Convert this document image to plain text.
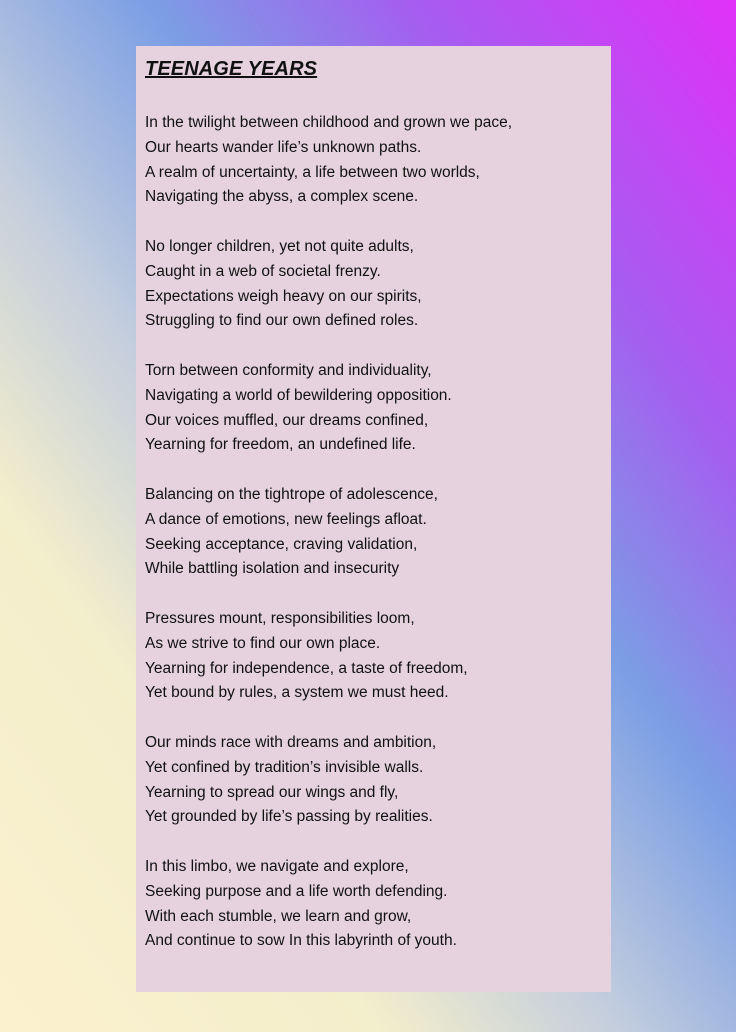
TEENAGE YEARS
In the twilight between childhood and grown we pace,
Our hearts wander life’s unknown paths.
A realm of uncertainty, a life between two worlds,
Navigating the abyss, a complex scene.
No longer children, yet not quite adults,
Caught in a web of societal frenzy.
Expectations weigh heavy on our spirits,
Struggling to find our own defined roles.
Torn between conformity and individuality,
Navigating a world of bewildering opposition.
Our voices muffled, our dreams confined,
Yearning for freedom, an undefined life.
Balancing on the tightrope of adolescence,
A dance of emotions, new feelings afloat.
Seeking acceptance, craving validation,
While battling isolation and insecurity
Pressures mount, responsibilities loom,
As we strive to find our own place.
Yearning for independence, a taste of freedom,
Yet bound by rules, a system we must heed.
Our minds race with dreams and ambition,
Yet confined by tradition’s invisible walls.
Yearning to spread our wings and fly,
Yet grounded by life’s passing by realities.
In this limbo, we navigate and explore,
Seeking purpose and a life worth defending.
With each stumble, we learn and grow,
And continue to sow In this labyrinth of youth.
